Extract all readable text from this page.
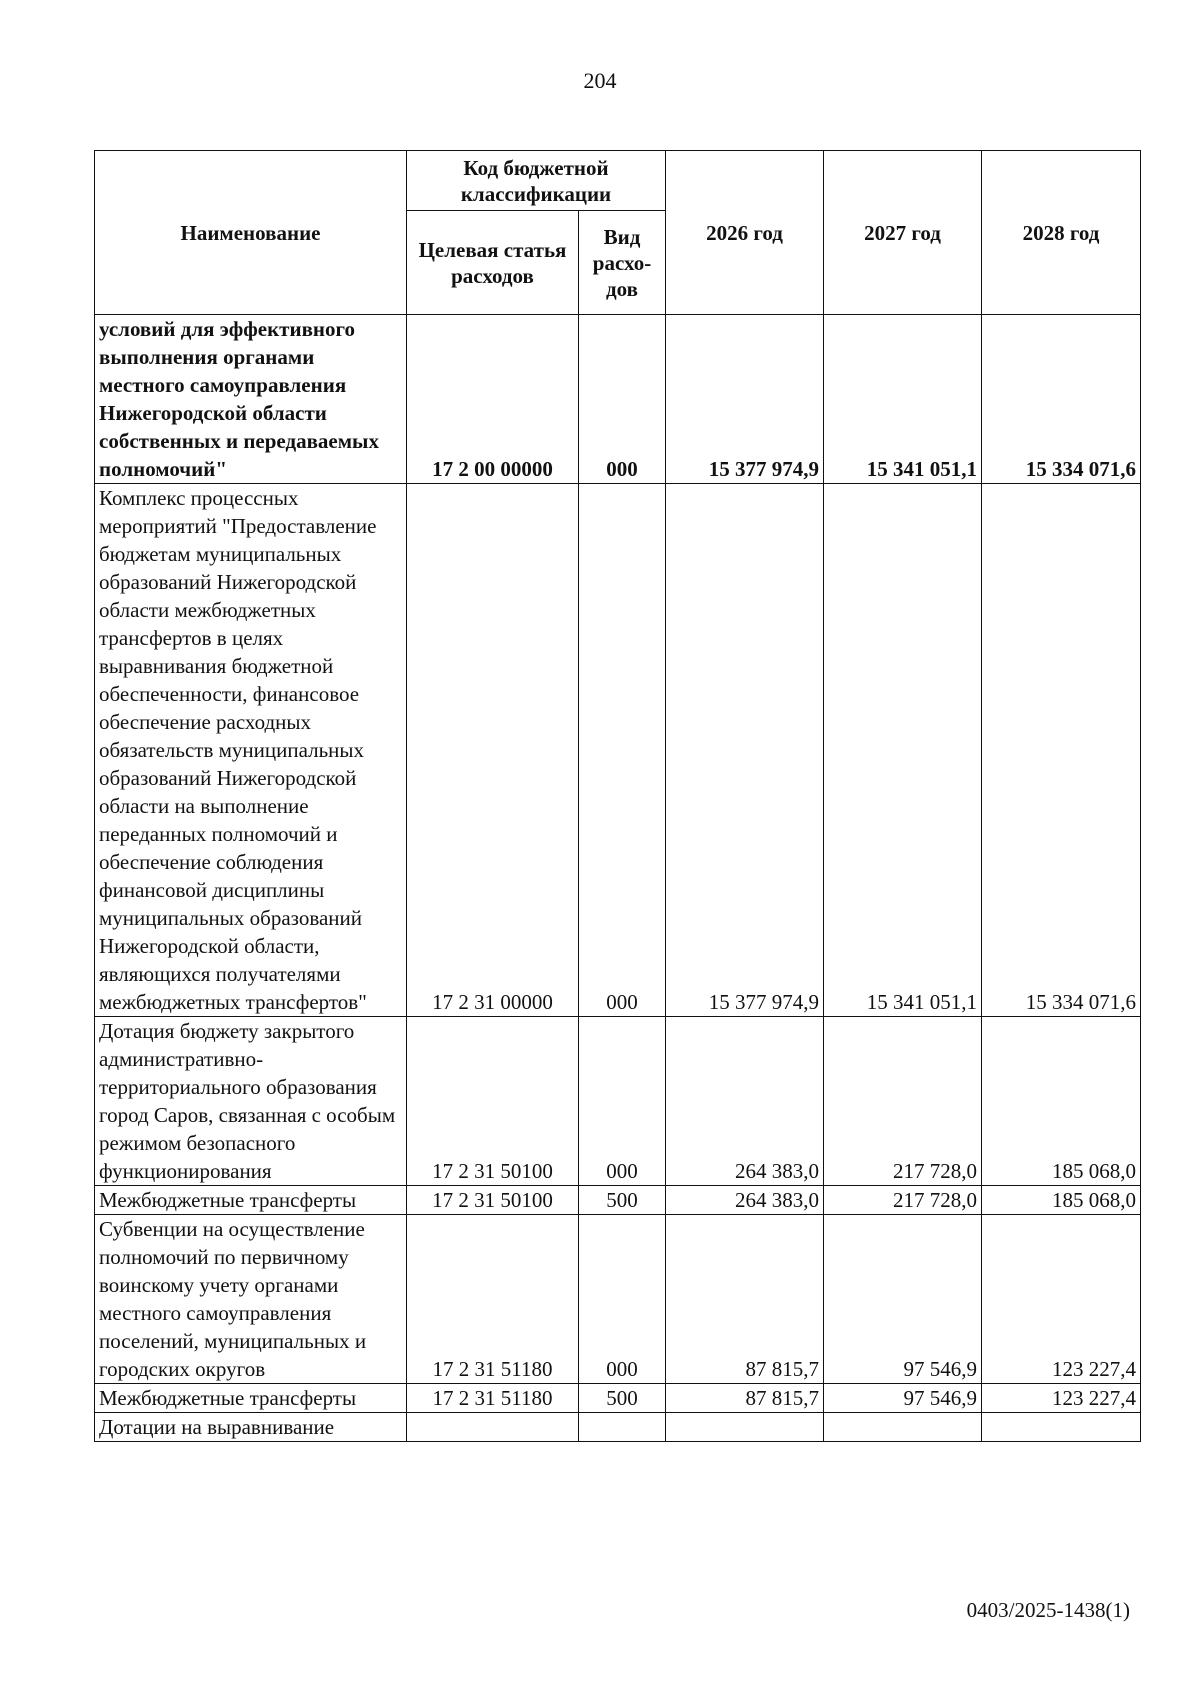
204
Наименование	Код бюджетной классификации		2026 год	2027 год	2028 год
	Целевая статья расходов	Вид расхо-дов			
условий для эффективного выполнения органами местного самоуправления Нижегородской области собственных и передаваемых полномочий"	17 2 00 00000	000	15 377 974,9	15 341 051,1	15 334 071,6
Комплекс процессных мероприятий "Предоставление бюджетам муниципальных образований Нижегородской области межбюджетных трансфертов в целях выравнивания бюджетной обеспеченности, финансовое обеспечение расходных обязательств муниципальных образований Нижегородской области на выполнение переданных полномочий и обеспечение соблюдения финансовой дисциплины муниципальных образований Нижегородской области, являющихся получателями межбюджетных трансфертов"	17 2 31 00000	000	15 377 974,9	15 341 051,1	15 334 071,6
Дотация бюджету закрытого административно-территориального образования город Саров, связанная с особым режимом безопасного функционирования	17 2 31 50100	000	264 383,0	217 728,0	185 068,0
Межбюджетные трансферты	17 2 31 50100	500	264 383,0	217 728,0	185 068,0
Субвенции на осуществление полномочий по первичному воинскому учету органами местного самоуправления поселений, муниципальных и городских округов	17 2 31 51180	000	87 815,7	97 546,9	123 227,4
Межбюджетные трансферты	17 2 31 51180	500	87 815,7	97 546,9	123 227,4
Дотации на выравнивание					
0403/2025-1438(1)
